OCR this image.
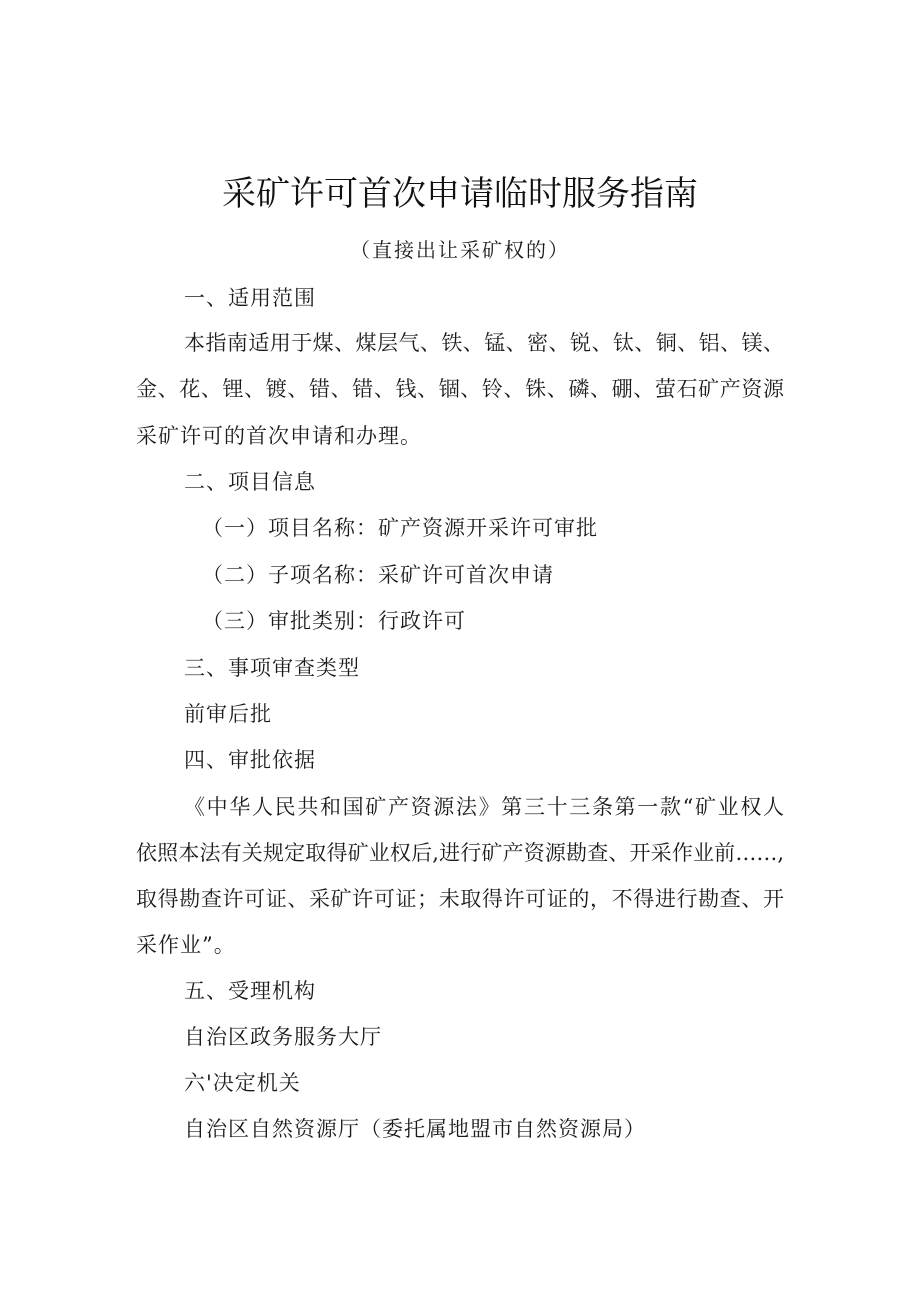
采矿许可首次申请临时服务指南
（直接出让采矿权的）
一、适用范围
本指南适用于煤、煤层气、铁、锰、密、锐、钛、铜、铝、镁、
金、花、锂、镀、错、错、钱、锢、铃、铢、磷、硼、萤石矿产资源
采矿许可的首次申请和办理。
二、项目信息
（一）项目名称：矿产资源开采许可审批
（二）子项名称：采矿许可首次申请
（三）审批类别：行政许可
三、事项审查类型
前审后批
四、审批依据
《中华人民共和国矿产资源法》第三十三条第一款“矿业权人
依照本法有关规定取得矿业权后,进行矿产资源勘查、开采作业前……,
取得勘查许可证、采矿许可证；未取得许可证的，不得进行勘查、开
采作业”。
五、受理机构
自治区政务服务大厅
六'决定机关
自治区自然资源厅（委托属地盟市自然资源局）
